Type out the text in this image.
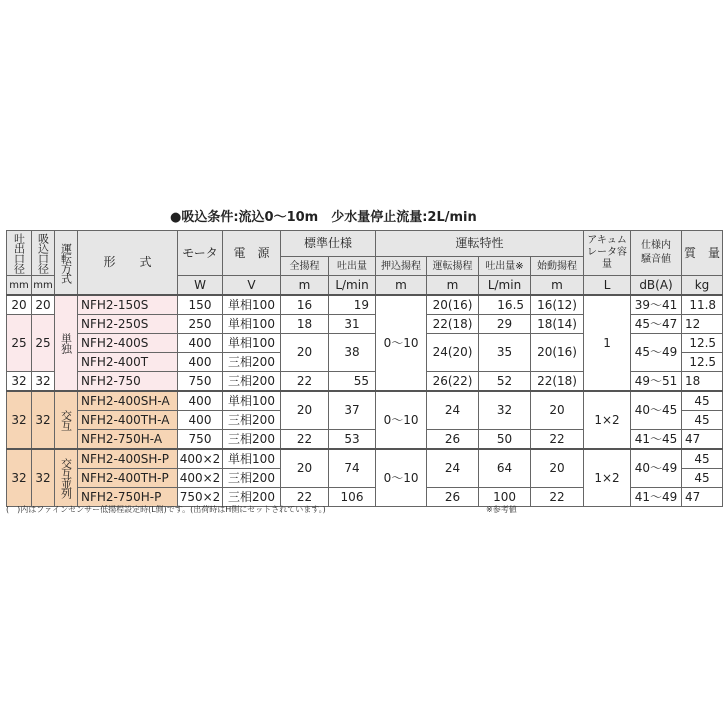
●吸込条件:流込0〜10m　少水量停止流量:2L/min
吐出口径	吸込口径	運転方式	形　　式	モータ	電　源	標準仕様		運転特性				アキュムレータ容量	仕様内騒音値	質　量
						全揚程	吐出量	押込揚程	運転揚程	吐出量※	始動揚程			
mm	mm			W	V	m	L/min	m	m	L/min	m	L	dB(A)	kg
20	20	単独	NFH2-150S	150	単相100	16	19	0〜10	20(16)	16.5	16(12)	1	39〜41	11.8
25	25		NFH2-250S	250	単相100	18	31		22(18)	29	18(14)		45〜47	12
			NFH2-400S	400	単相100	20	38		24(20)	35	20(16)		45〜49	12.5
			NFH2-400T	400	三相200									12.5
32	32		NFH2-750	750	三相200	22	55		26(22)	52	22(18)		49〜51	18
32	32	交互	NFH2-400SH-A	400	単相100	20	37	0〜10	24	32	20	1×2	40〜45	45
			NFH2-400TH-A	400	三相200									45
			NFH2-750H-A	750	三相200	22	53		26	50	22		41〜45	47
32	32	交互並列	NFH2-400SH-P	400×2	単相100	20	74	0〜10	24	64	20	1×2	40〜49	45
			NFH2-400TH-P	400×2	三相200									45
			NFH2-750H-P	750×2	三相200	22	106		26	100	22		41〜49	47
(　)内はファインセンサー低揚程設定時(L側)です。(出荷時はH側にセットされています。)	※参考値
